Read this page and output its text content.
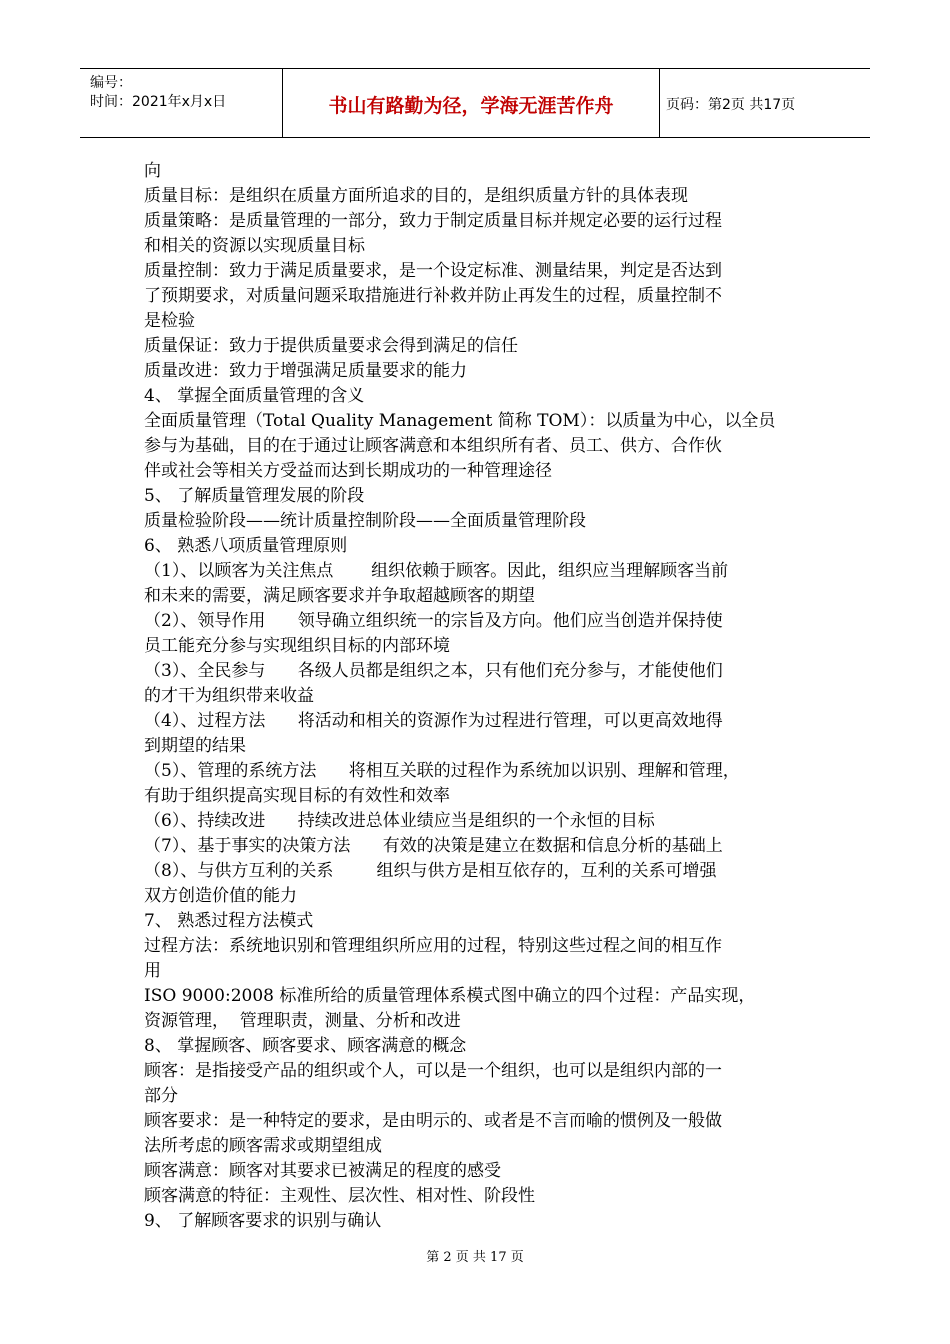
编号：
时间：2021年x月x日	书山有路勤为径，学海无涯苦作舟	页码：第2页 共17页
向
质量目标：是组织在质量方面所追求的目的，是组织质量方针的具体表现
质量策略：是质量管理的一部分，致力于制定质量目标并规定必要的运行过程
和相关的资源以实现质量目标
质量控制：致力于满足质量要求，是一个设定标准、测量结果，判定是否达到
了预期要求，对质量问题采取措施进行补救并防止再发生的过程，质量控制不
是检验
质量保证：致力于提供质量要求会得到满足的信任
质量改进：致力于增强满足质量要求的能力
4、 掌握全面质量管理的含义
全面质量管理（Total Quality Management 简称 TOM）：以质量为中心，以全员
参与为基础，目的在于通过让顾客满意和本组织所有者、员工、供方、合作伙
伴或社会等相关方受益而达到长期成功的一种管理途径
5、 了解质量管理发展的阶段
质量检验阶段——统计质量控制阶段——全面质量管理阶段
6、 熟悉八项质量管理原则
（1）、以顾客为关注焦点       组织依赖于顾客。因此，组织应当理解顾客当前
和未来的需要，满足顾客要求并争取超越顾客的期望
（2）、领导作用      领导确立组织统一的宗旨及方向。他们应当创造并保持使
员工能充分参与实现组织目标的内部环境
（3）、全民参与      各级人员都是组织之本，只有他们充分参与，才能使他们
的才干为组织带来收益
（4）、过程方法      将活动和相关的资源作为过程进行管理，可以更高效地得
到期望的结果
（5）、管理的系统方法      将相互关联的过程作为系统加以识别、理解和管理，
有助于组织提高实现目标的有效性和效率
（6）、持续改进      持续改进总体业绩应当是组织的一个永恒的目标
（7）、基于事实的决策方法      有效的决策是建立在数据和信息分析的基础上
（8）、与供方互利的关系        组织与供方是相互依存的，互利的关系可增强
双方创造价值的能力
7、 熟悉过程方法模式
过程方法：系统地识别和管理组织所应用的过程，特别这些过程之间的相互作
用
ISO 9000:2008 标准所给的质量管理体系模式图中确立的四个过程：产品实现，
资源管理，  管理职责，测量、分析和改进
8、 掌握顾客、顾客要求、顾客满意的概念
顾客：是指接受产品的组织或个人，可以是一个组织，也可以是组织内部的一
部分
顾客要求：是一种特定的要求，是由明示的、或者是不言而喻的惯例及一般做
法所考虑的顾客需求或期望组成
顾客满意：顾客对其要求已被满足的程度的感受
顾客满意的特征：主观性、层次性、相对性、阶段性
9、 了解顾客要求的识别与确认
第 2 页 共 17 页
